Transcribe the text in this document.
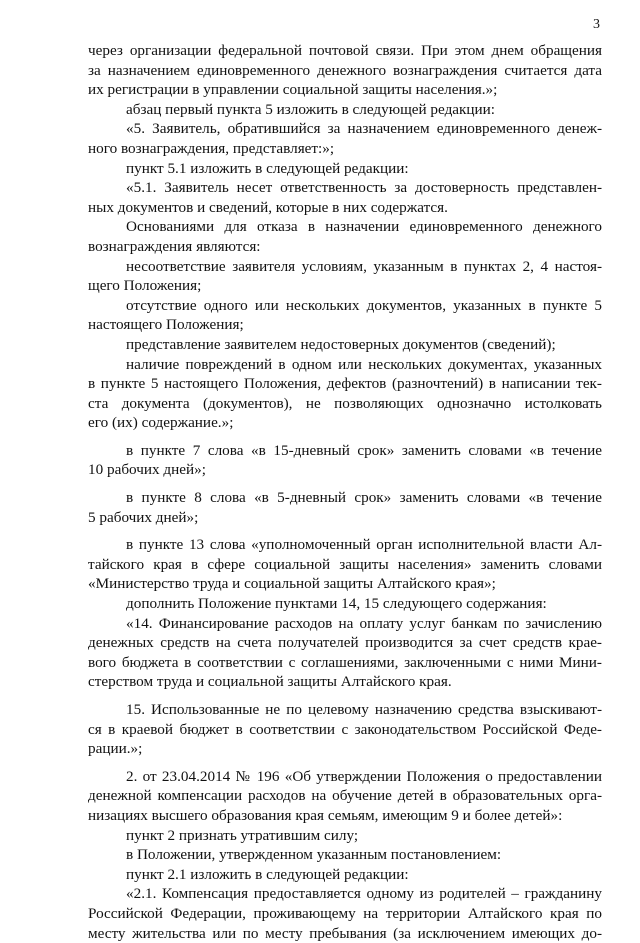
3
через организации федеральной почтовой связи. При этом днем обращения
за назначением единовременного денежного вознаграждения считается дата
их регистрации в управлении социальной защиты населения.»;
абзац первый пункта 5 изложить в следующей редакции:
«5. Заявитель, обратившийся за назначением единовременного денеж-
ного вознаграждения, представляет:»;
пункт 5.1 изложить в следующей редакции:
«5.1. Заявитель несет ответственность за достоверность представлен-
ных документов и сведений, которые в них содержатся.
Основаниями для отказа в назначении единовременного денежного
вознаграждения являются:
несоответствие заявителя условиям, указанным в пунктах 2, 4 настоя-
щего Положения;
отсутствие одного или нескольких документов, указанных в пункте 5
настоящего Положения;
представление заявителем недостоверных документов (сведений);
наличие повреждений в одном или нескольких документах, указанных
в пункте 5 настоящего Положения, дефектов (разночтений) в написании тек-
ста документа (документов), не позволяющих однозначно истолковать
его (их) содержание.»;
в пункте 7 слова «в 15-дневный срок» заменить словами «в течение
10 рабочих дней»;
в пункте 8 слова «в 5-дневный срок» заменить словами «в течение
5 рабочих дней»;
в пункте 13 слова «уполномоченный орган исполнительной власти Ал-
тайского края в сфере социальной защиты населения» заменить словами
«Министерство труда и социальной защиты Алтайского края»;
дополнить Положение пунктами 14, 15 следующего содержания:
«14. Финансирование расходов на оплату услуг банкам по зачислению
денежных средств на счета получателей производится за счет средств крае-
вого бюджета в соответствии с соглашениями, заключенными с ними Мини-
стерством труда и социальной защиты Алтайского края.
15. Использованные не по целевому назначению средства взыскивают-
ся в краевой бюджет в соответствии с законодательством Российской Феде-
рации.»;
2. от 23.04.2014 № 196 «Об утверждении Положения о предоставлении
денежной компенсации расходов на обучение детей в образовательных орга-
низациях высшего образования края семьям, имеющим 9 и более детей»:
пункт 2 признать утратившим силу;
в Положении, утвержденном указанным постановлением:
пункт 2.1 изложить в следующей редакции:
«2.1. Компенсация предоставляется одному из родителей – гражданину
Российской Федерации, проживающему на территории Алтайского края по
месту жительства или по месту пребывания (за исключением имеющих до-
